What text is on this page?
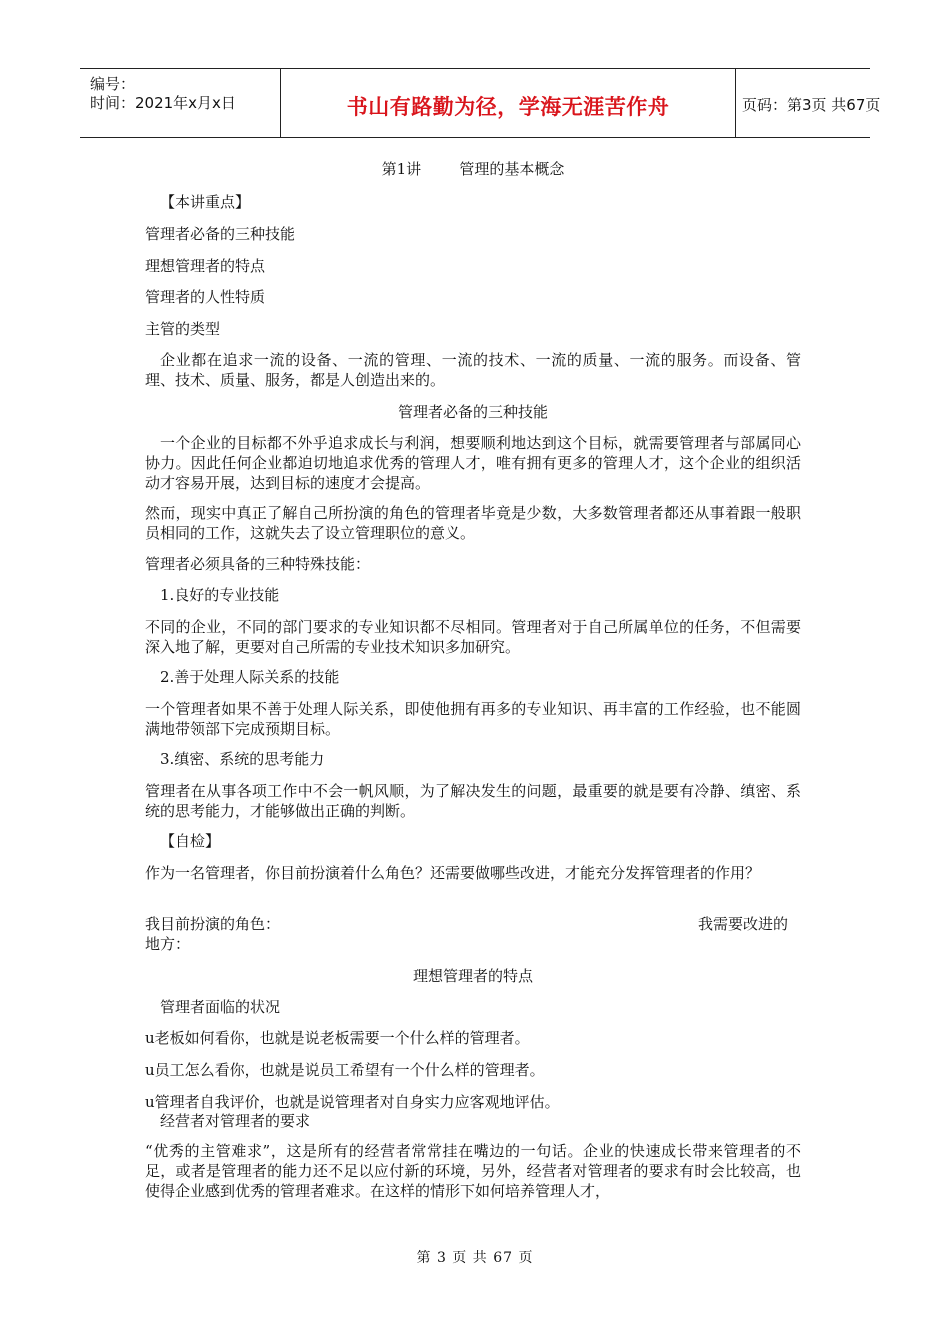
编号：
时间：2021年x月x日	书山有路勤为径，学海无涯苦作舟	页码：第3页 共67页
第1讲        管理的基本概念
【本讲重点】
管理者必备的三种技能
理想管理者的特点
管理者的人性特质
主管的类型
企业都在追求一流的设备、一流的管理、一流的技术、一流的质量、一流的服务。而设备、管理、技术、质量、服务，都是人创造出来的。
管理者必备的三种技能
一个企业的目标都不外乎追求成长与利润，想要顺利地达到这个目标，就需要管理者与部属同心协力。因此任何企业都迫切地追求优秀的管理人才，唯有拥有更多的管理人才，这个企业的组织活动才容易开展，达到目标的速度才会提高。
然而，现实中真正了解自己所扮演的角色的管理者毕竟是少数，大多数管理者都还从事着跟一般职员相同的工作，这就失去了设立管理职位的意义。
管理者必须具备的三种特殊技能：
1.良好的专业技能
不同的企业，不同的部门要求的专业知识都不尽相同。管理者对于自己所属单位的任务，不但需要深入地了解，更要对自己所需的专业技术知识多加研究。
2.善于处理人际关系的技能
一个管理者如果不善于处理人际关系，即使他拥有再多的专业知识、再丰富的工作经验，也不能圆满地带领部下完成预期目标。
3.缜密、系统的思考能力
管理者在从事各项工作中不会一帆风顺，为了解决发生的问题，最重要的就是要有冷静、缜密、系统的思考能力，才能够做出正确的判断。
【自检】
作为一名管理者，你目前扮演着什么角色？还需要做哪些改进，才能充分发挥管理者的作用？
我目前扮演的角色：	我需要改进的
地方：
理想管理者的特点
管理者面临的状况
u老板如何看你，也就是说老板需要一个什么样的管理者。
u员工怎么看你，也就是说员工希望有一个什么样的管理者。
u管理者自我评价，也就是说管理者对自身实力应客观地评估。
经营者对管理者的要求
“优秀的主管难求”，这是所有的经营者常常挂在嘴边的一句话。企业的快速成长带来管理者的不足，或者是管理者的能力还不足以应付新的环境，另外，经营者对管理者的要求有时会比较高，也使得企业感到优秀的管理者难求。在这样的情形下如何培养管理人才，
第 3 页 共 67 页
